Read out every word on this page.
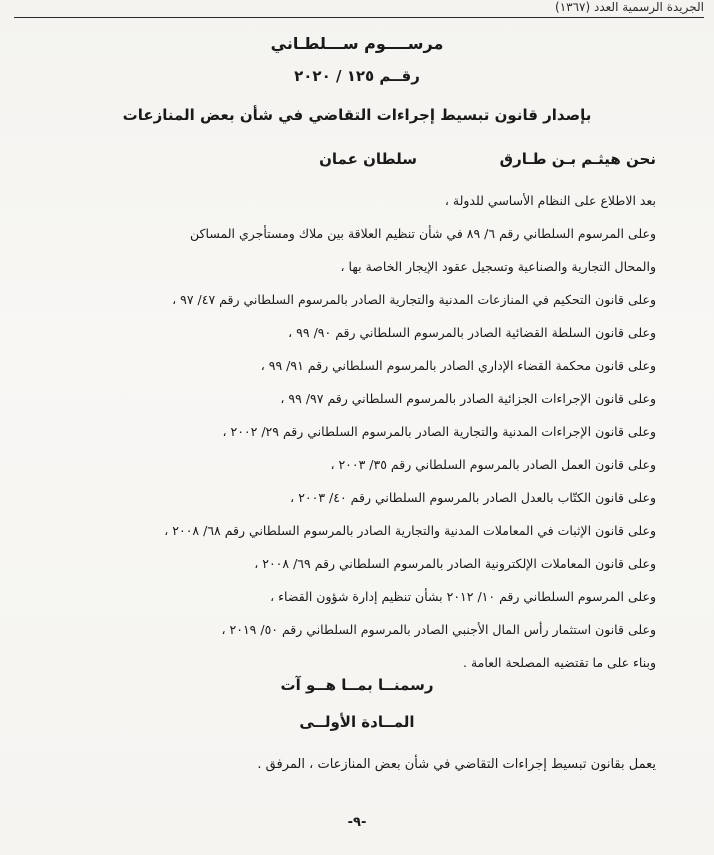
الجريدة الرسمية العدد (١٣٦٧)
مرســــوم ســـلطـاني
رقــم ١٢٥ / ٢٠٢٠
بإصدار قانون تبسيط إجراءات التقاضي في شأن بعض المنازعات
نحن هيثـم بـن طـارق
سلطان عمان
بعد الاطلاع على النظام الأساسي للدولة ،
وعلى المرسوم السلطاني رقم ٦/ ٨٩ في شأن تنظيم العلاقة بين ملاك ومستأجري المساكن
والمحال التجارية والصناعية وتسجيل عقود الإيجار الخاصة بها ،
وعلى قانون التحكيم في المنازعات المدنية والتجارية الصادر بالمرسوم السلطاني رقم ٤٧/ ٩٧ ،
وعلى قانون السلطة القضائية الصادر بالمرسوم السلطاني رقم ٩٠/ ٩٩ ،
وعلى قانون محكمة القضاء الإداري الصادر بالمرسوم السلطاني رقم ٩١/ ٩٩ ،
وعلى قانون الإجراءات الجزائية الصادر بالمرسوم السلطاني رقم ٩٧/ ٩٩ ،
وعلى قانون الإجراءات المدنية والتجارية الصادر بالمرسوم السلطاني رقم ٢٩/ ٢٠٠٢ ،
وعلى قانون العمل الصادر بالمرسوم السلطاني رقم ٣٥/ ٢٠٠٣ ،
وعلى قانون الكتّاب بالعدل الصادر بالمرسوم السلطاني رقم ٤٠/ ٢٠٠٣ ،
وعلى قانون الإثبات في المعاملات المدنية والتجارية الصادر بالمرسوم السلطاني رقم ٦٨/ ٢٠٠٨ ،
وعلى قانون المعاملات الإلكترونية الصادر بالمرسوم السلطاني رقم ٦٩/ ٢٠٠٨ ،
وعلى المرسوم السلطاني رقم ١٠/ ٢٠١٢ بشأن تنظيم إدارة شؤون القضاء ،
وعلى قانون استثمار رأس المال الأجنبي الصادر بالمرسوم السلطاني رقم ٥٠/ ٢٠١٩ ،
وبناء على ما تقتضيه المصلحة العامة .
رسمنــا بمــا هــو آت
المــادة الأولــى
يعمل بقانون تبسيط إجراءات التقاضي في شأن بعض المنازعات ، المرفق .
-٩-
